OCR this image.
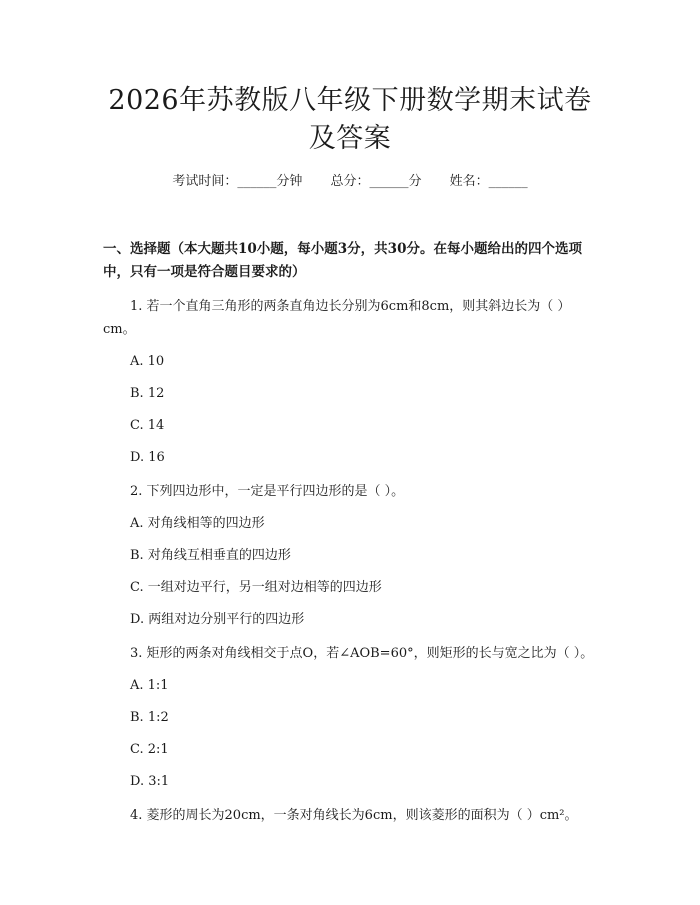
2026年苏教版八年级下册数学期末试卷及答案
考试时间：______分钟 总分：______分 姓名：______
一、选择题（本大题共10小题，每小题3分，共30分。在每小题给出的四个选项中，只有一项是符合题目要求的）
1. 若一个直角三角形的两条直角边长分别为6cm和8cm，则其斜边长为（ ）cm。
A. 10
B. 12
C. 14
D. 16
2. 下列四边形中，一定是平行四边形的是（ ）。
A. 对角线相等的四边形
B. 对角线互相垂直的四边形
C. 一组对边平行，另一组对边相等的四边形
D. 两组对边分别平行的四边形
3. 矩形的两条对角线相交于点O，若∠AOB=60°，则矩形的长与宽之比为（ ）。
A. 1:1
B. 1:2
C. 2:1
D. 3:1
4. 菱形的周长为20cm，一条对角线长为6cm，则该菱形的面积为（ ）cm²。
